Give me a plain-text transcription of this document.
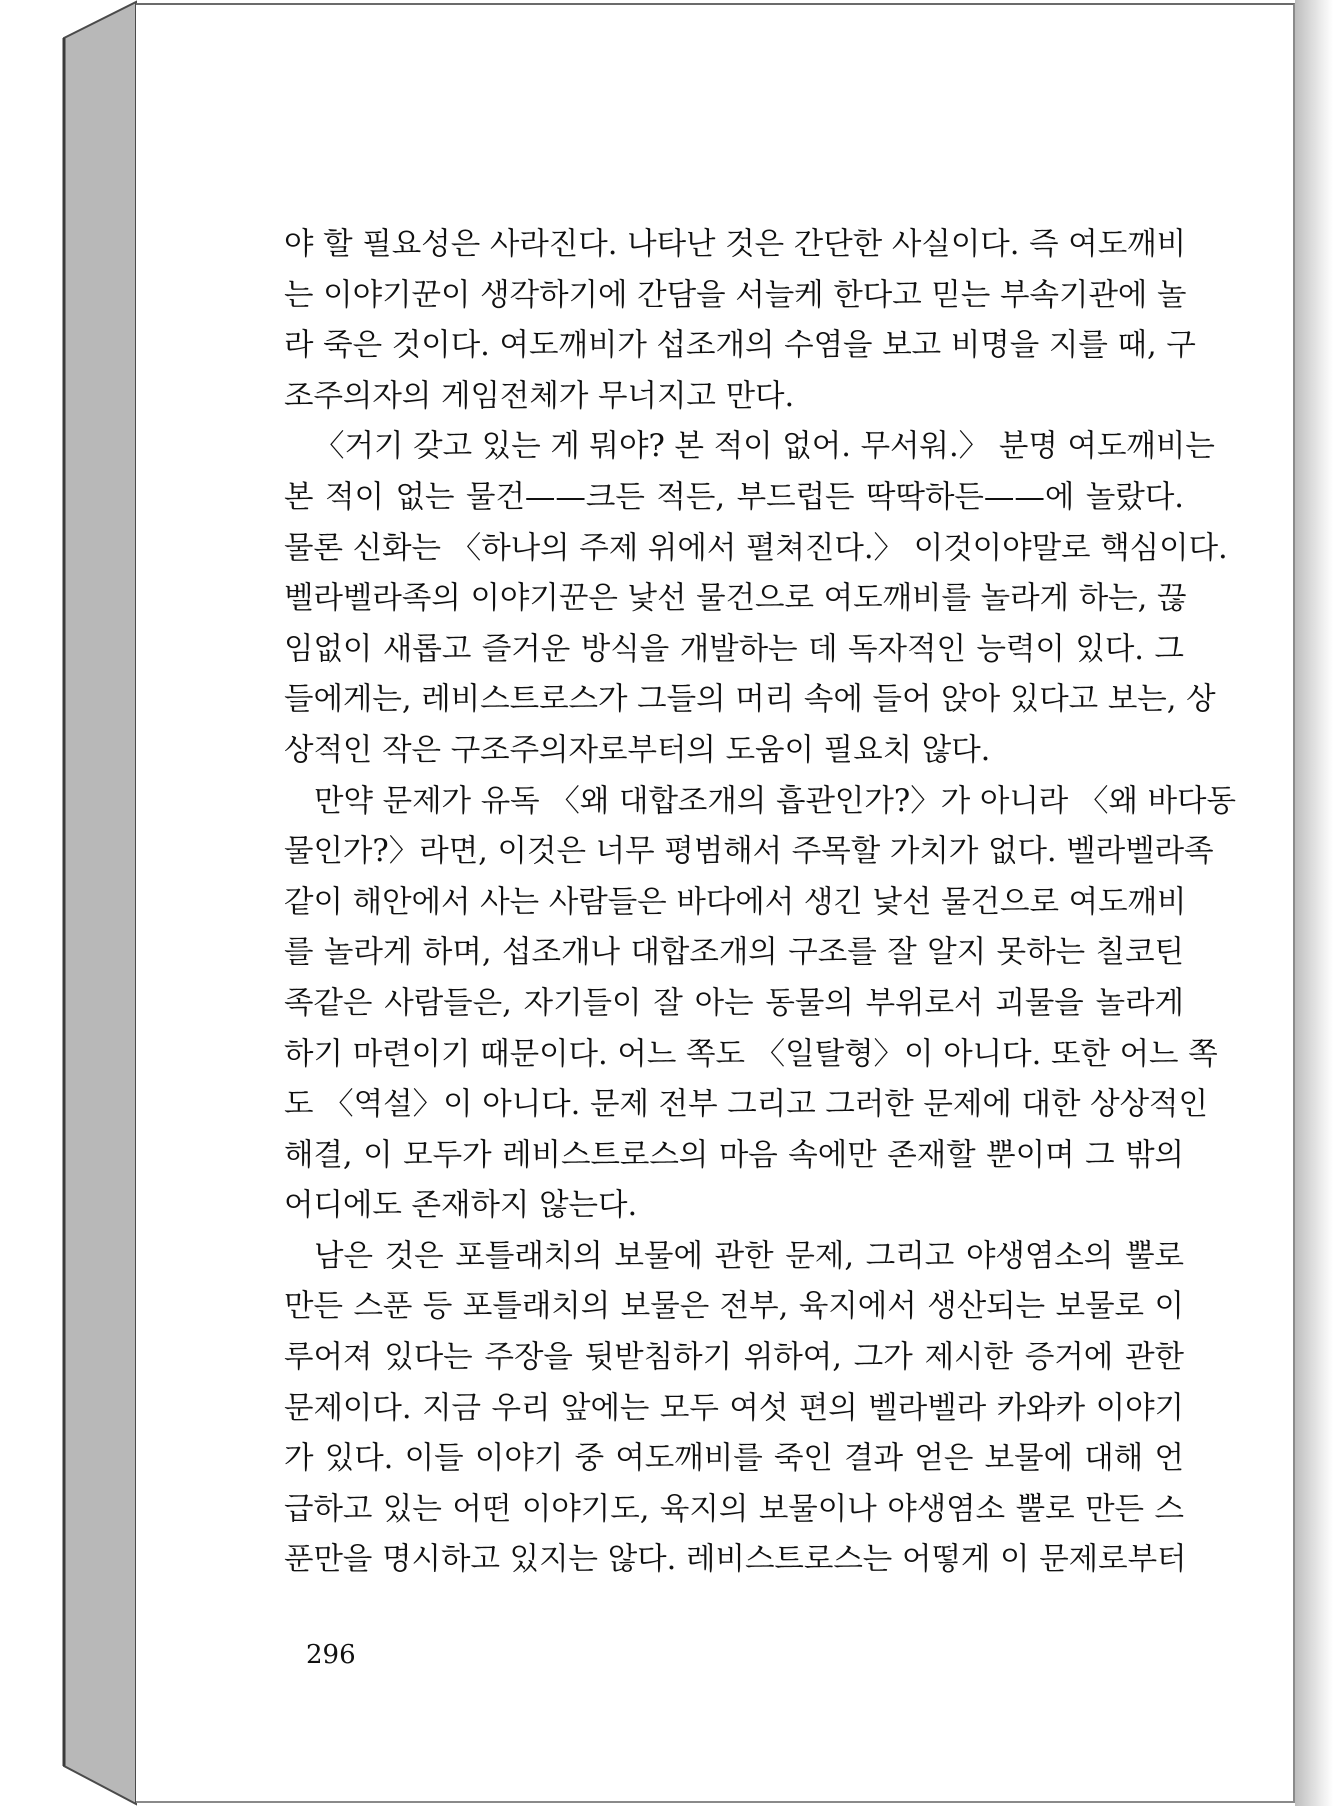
야 할 필요성은 사라진다. 나타난 것은 간단한 사실이다. 즉 여도깨비
는 이야기꾼이 생각하기에 간담을 서늘케 한다고 믿는 부속기관에 놀
라 죽은 것이다. 여도깨비가 섭조개의 수염을 보고 비명을 지를 때, 구
조주의자의 게임전체가 무너지고 만다.
〈거기 갖고 있는 게 뭐야? 본 적이 없어. 무서워.〉 분명 여도깨비는
본 적이 없는 물건——크든 적든, 부드럽든 딱딱하든——에 놀랐다.
물론 신화는 〈하나의 주제 위에서 펼쳐진다.〉 이것이야말로 핵심이다.
벨라벨라족의 이야기꾼은 낯선 물건으로 여도깨비를 놀라게 하는, 끊
임없이 새롭고 즐거운 방식을 개발하는 데 독자적인 능력이 있다. 그
들에게는, 레비스트로스가 그들의 머리 속에 들어 앉아 있다고 보는, 상
상적인 작은 구조주의자로부터의 도움이 필요치 않다.
만약 문제가 유독 〈왜 대합조개의 흡관인가?〉가 아니라 〈왜 바다동
물인가?〉라면, 이것은 너무 평범해서 주목할 가치가 없다. 벨라벨라족
같이 해안에서 사는 사람들은 바다에서 생긴 낯선 물건으로 여도깨비
를 놀라게 하며, 섭조개나 대합조개의 구조를 잘 알지 못하는 칠코틴
족같은 사람들은, 자기들이 잘 아는 동물의 부위로서 괴물을 놀라게
하기 마련이기 때문이다. 어느 쪽도 〈일탈형〉이 아니다. 또한 어느 쪽
도 〈역설〉이 아니다. 문제 전부 그리고 그러한 문제에 대한 상상적인
해결, 이 모두가 레비스트로스의 마음 속에만 존재할 뿐이며 그 밖의
어디에도 존재하지 않는다.
남은 것은 포틀래치의 보물에 관한 문제, 그리고 야생염소의 뿔로
만든 스푼 등 포틀래치의 보물은 전부, 육지에서 생산되는 보물로 이
루어져 있다는 주장을 뒷받침하기 위하여, 그가 제시한 증거에 관한
문제이다. 지금 우리 앞에는 모두 여섯 편의 벨라벨라 카와카 이야기
가 있다. 이들 이야기 중 여도깨비를 죽인 결과 얻은 보물에 대해 언
급하고 있는 어떤 이야기도, 육지의 보물이나 야생염소 뿔로 만든 스
푼만을 명시하고 있지는 않다. 레비스트로스는 어떻게 이 문제로부터
296
